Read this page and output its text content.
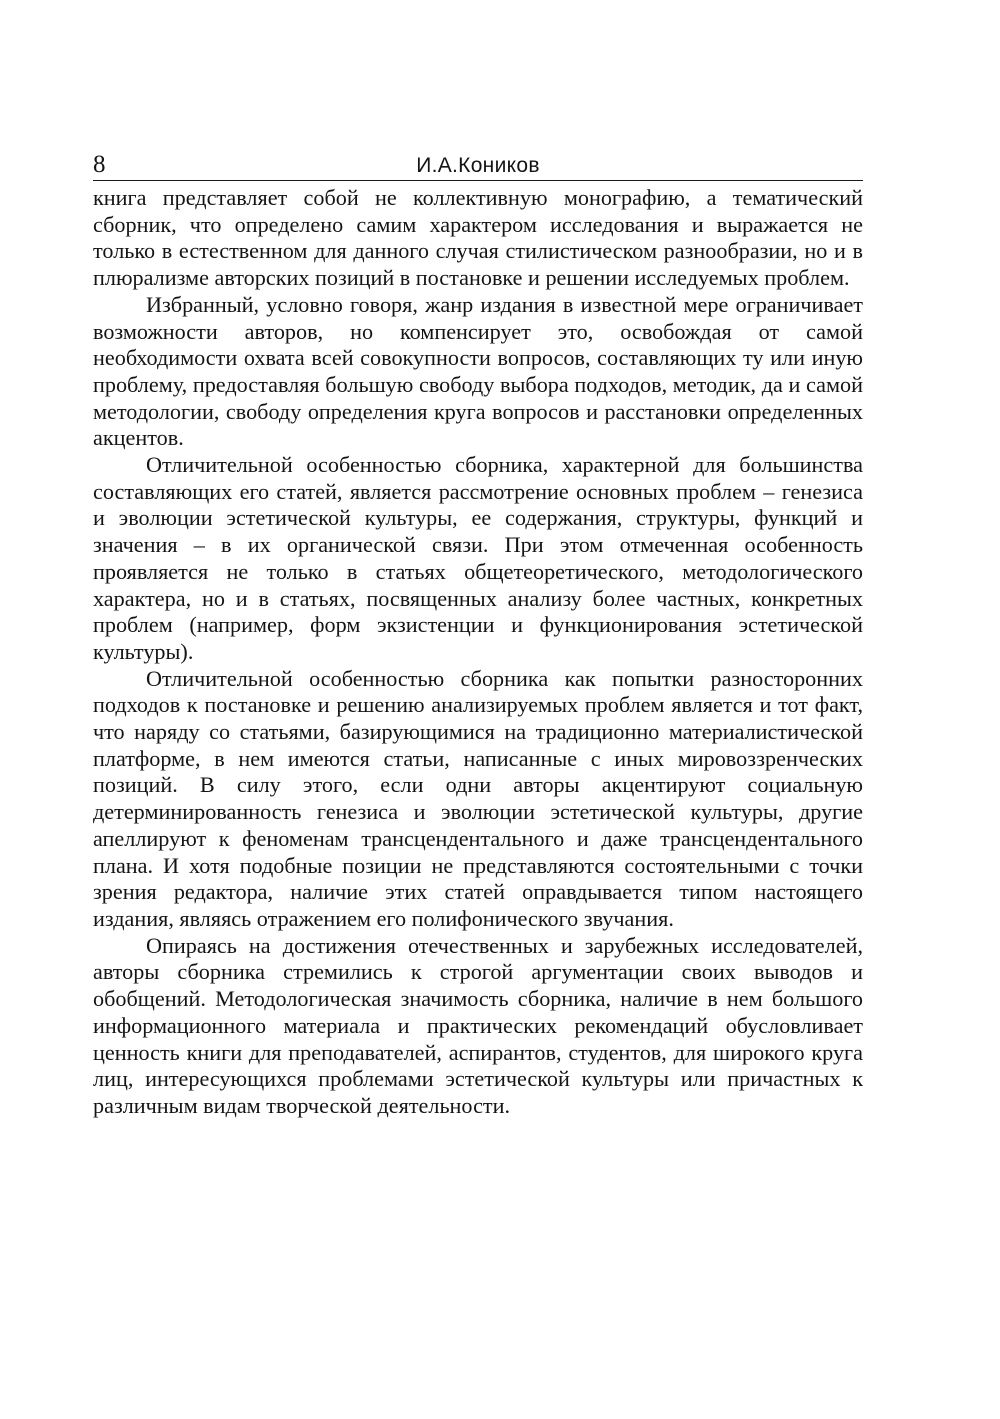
8	И.А.Коников

книга представляет собой не коллективную монографию, а тематический сборник, что определено самим характером исследования и выражается не только в естественном для данного случая стилистическом разнообразии, но и в плюрализме авторских позиций в постановке и решении исследуемых проблем.

Избранный, условно говоря, жанр издания в известной мере ограничивает возможности авторов, но компенсирует это, освобождая от самой необходимости охвата всей совокупности вопросов, составляющих ту или иную проблему, предоставляя большую свободу выбора подходов, методик, да и самой методологии, свободу определения круга вопросов и расстановки определенных акцентов.

Отличительной особенностью сборника, характерной для большинства составляющих его статей, является рассмотрение основных проблем – генезиса и эволюции эстетической культуры, ее содержания, структуры, функций и значения – в их органической связи. При этом отмеченная особенность проявляется не только в статьях общетеоретического, методологического характера, но и в статьях, посвященных анализу более частных, конкретных проблем (например, форм экзистенции и функционирования эстетической культуры).

Отличительной особенностью сборника как попытки разносторонних подходов к постановке и решению анализируемых проблем является и тот факт, что наряду со статьями, базирующимися на традиционно материалистической платформе, в нем имеются статьи, написанные с иных мировоззренческих позиций. В силу этого, если одни авторы акцентируют социальную детерминированность генезиса и эволюции эстетической культуры, другие апеллируют к феноменам трансцендентального и даже трансцендентального плана. И хотя подобные позиции не представляются состоятельными с точки зрения редактора, наличие этих статей оправдывается типом настоящего издания, являясь отражением его полифонического звучания.

Опираясь на достижения отечественных и зарубежных исследователей, авторы сборника стремились к строгой аргументации своих выводов и обобщений. Методологическая значимость сборника, наличие в нем большого информационного материала и практических рекомендаций обусловливает ценность книги для преподавателей, аспирантов, студентов, для широкого круга лиц, интересующихся проблемами эстетической культуры или причастных к различным видам творческой деятельности.
